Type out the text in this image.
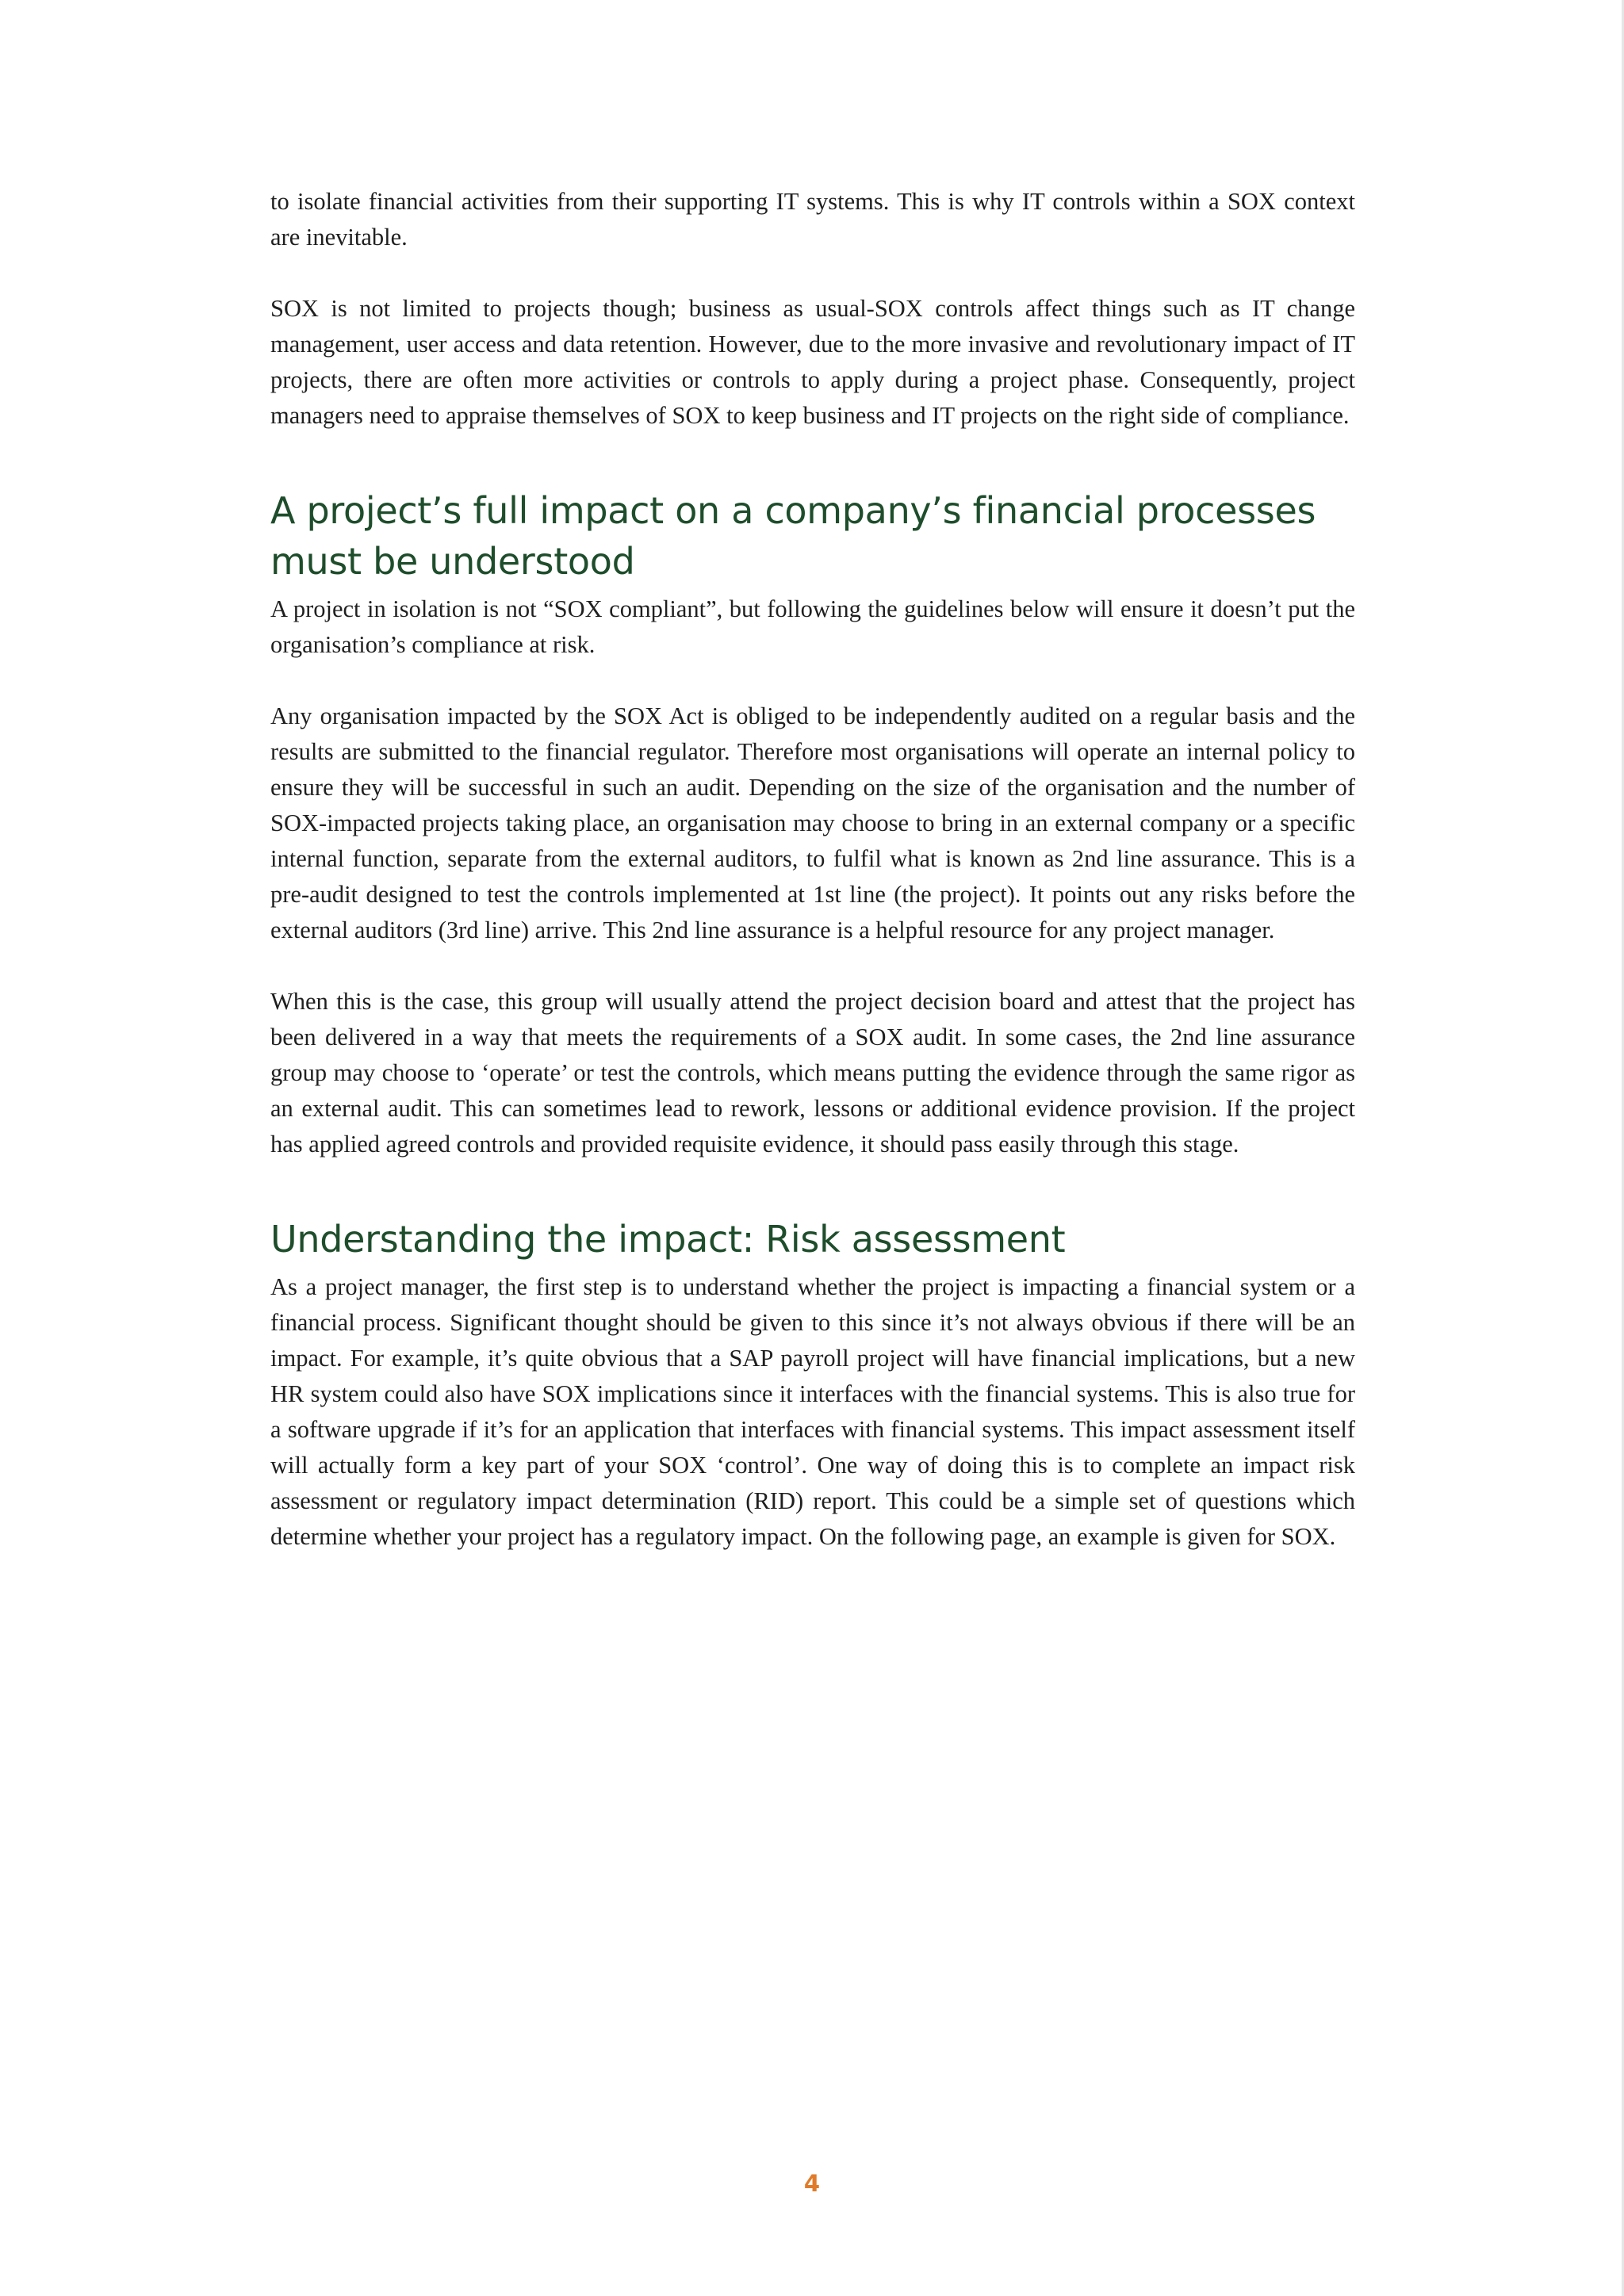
to isolate financial activities from their supporting IT systems. This is why IT controls within a SOX context are inevitable.

SOX is not limited to projects though; business as usual-SOX controls affect things such as IT change management, user access and data retention. However, due to the more invasive and revolutionary impact of IT projects, there are often more activities or controls to apply during a project phase. Consequently, project managers need to appraise themselves of SOX to keep business and IT projects on the right side of compliance.

A project’s full impact on a company’s financial processes must be understood

A project in isolation is not “SOX compliant”, but following the guidelines below will ensure it doesn’t put the organisation’s compliance at risk.

Any organisation impacted by the SOX Act is obliged to be independently audited on a regular basis and the results are submitted to the financial regulator. Therefore most organisations will operate an internal policy to ensure they will be successful in such an audit. Depending on the size of the organisation and the number of SOX-impacted projects taking place, an organisation may choose to bring in an external company or a specific internal function, separate from the external auditors, to fulfil what is known as 2nd line assurance. This is a pre-audit designed to test the controls implemented at 1st line (the project). It points out any risks before the external auditors (3rd line) arrive. This 2nd line assurance is a helpful resource for any project manager.

When this is the case, this group will usually attend the project decision board and attest that the project has been delivered in a way that meets the requirements of a SOX audit. In some cases, the 2nd line assurance group may choose to ‘operate’ or test the controls, which means putting the evidence through the same rigor as an external audit. This can sometimes lead to rework, lessons or additional evidence provision. If the project has applied agreed controls and provided requisite evidence, it should pass easily through this stage.

Understanding the impact: Risk assessment

As a project manager, the first step is to understand whether the project is impacting a financial system or a financial process. Significant thought should be given to this since it’s not always obvious if there will be an impact. For example, it’s quite obvious that a SAP payroll project will have financial implications, but a new HR system could also have SOX implications since it interfaces with the financial systems. This is also true for a software upgrade if it’s for an application that interfaces with financial systems. This impact assessment itself will actually form a key part of your SOX ‘control’. One way of doing this is to complete an impact risk assessment or regulatory impact determination (RID) report. This could be a simple set of questions which determine whether your project has a regulatory impact. On the following page, an example is given for SOX.

4
